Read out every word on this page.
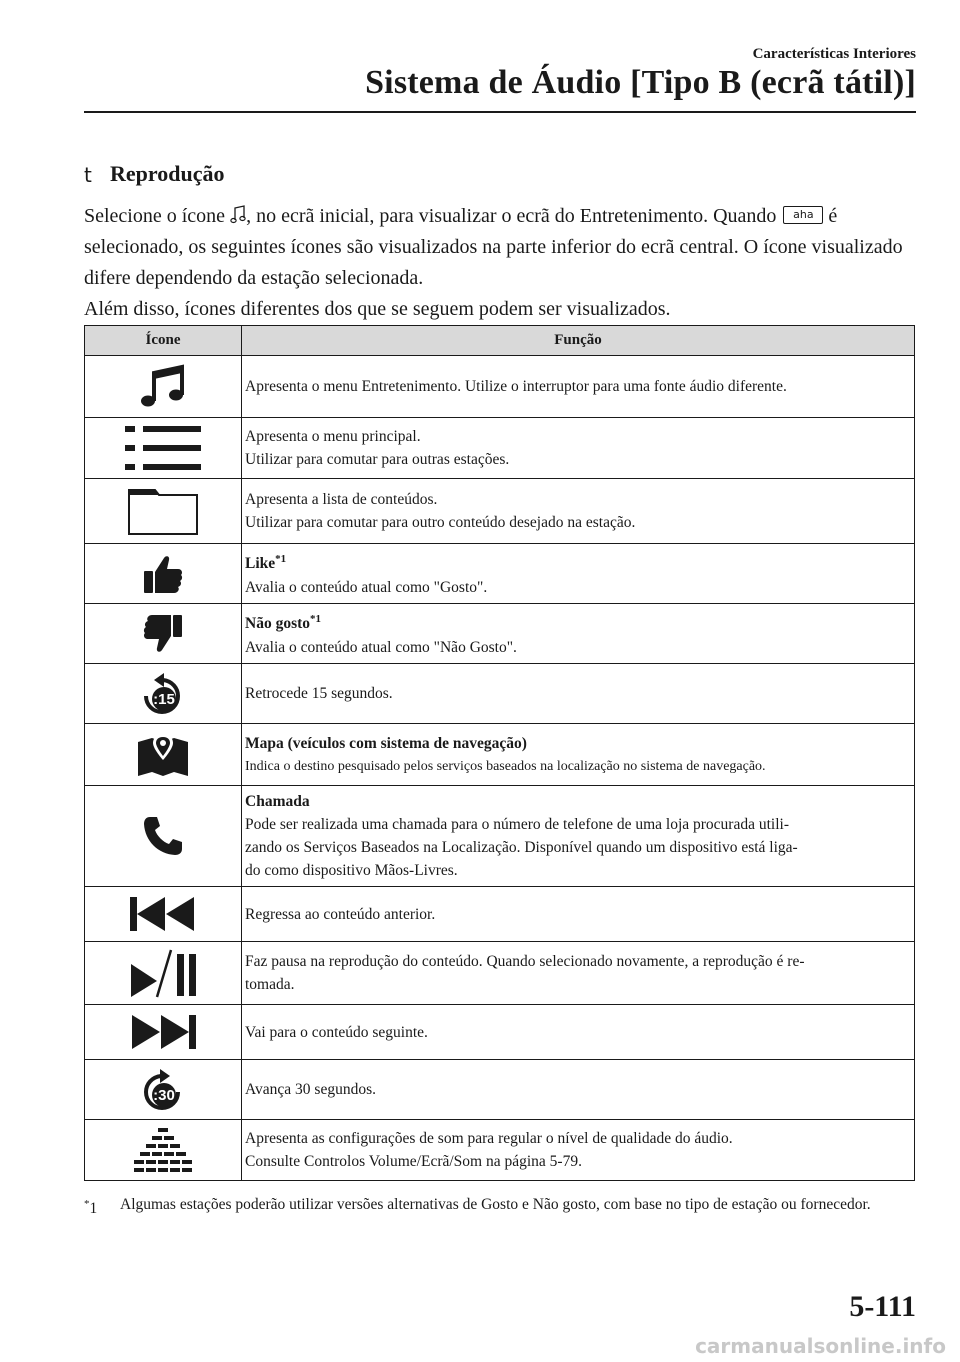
Características Interiores
Sistema de Áudio [Tipo B (ecrã tátil)]
t Reprodução

Selecione o ícone , no ecrã inicial, para visualizar o ecrã do Entretenimento. Quando aha é selecionado, os seguintes ícones são visualizados na parte inferior do ecrã central. O ícone visualizado difere dependendo da estação selecionada.

Além disso, ícones diferentes dos que se seguem podem ser visualizados.

Ícone	Função

Apresenta o menu Entretenimento. Utilize o interruptor para uma fonte áudio diferente.

Apresenta o menu principal.
Utilizar para comutar para outras estações.

Apresenta a lista de conteúdos.
Utilizar para comutar para outro conteúdo desejado na estação.

Like$^{*1}$
Avalia o conteúdo atual como "Gosto".

Não gosto$^{*1}$
Avalia o conteúdo atual como "Não Gosto".

:15	Retrocede 15 segundos.

Mapa (veículos com sistema de navegação)
Indica o destino pesquisado pelos serviços baseados na localização no sistema de navegação.

Chamada
Pode ser realizada uma chamada para o número de telefone de uma loja procurada utili-
zando os Serviços Baseados na Localização. Disponível quando um dispositivo está liga-
do como dispositivo Mãos-Livres.

Regressa ao conteúdo anterior.

Faz pausa na reprodução do conteúdo. Quando selecionado novamente, a reprodução é re-
tomada.

Vai para o conteúdo seguinte.

:30	Avança 30 segundos.

Apresenta as configurações de som para regular o nível de qualidade do áudio.
Consulte Controlos Volume/Ecrã/Som na página 5-79.
*1	Algumas estações poderão utilizar versões alternativas de Gosto e Não gosto, com base no tipo de estação ou fornecedor.
5-111
carmanualsonline.info
